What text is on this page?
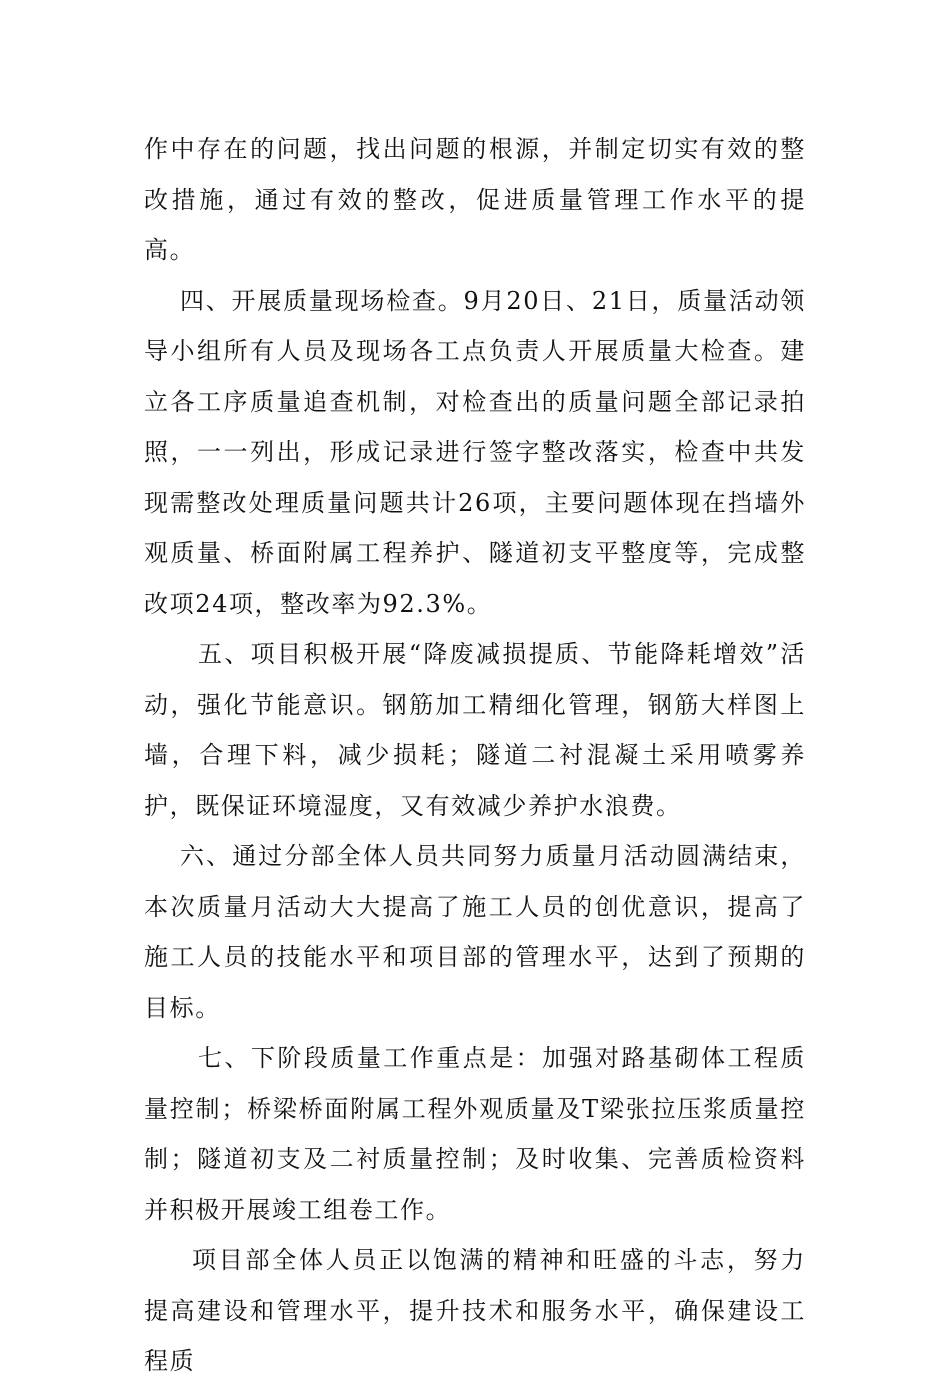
作中存在的问题，找出问题的根源，并制定切实有效的整改措施，通过有效的整改，促进质量管理工作水平的提高。

四、开展质量现场检查。9月20日、21日，质量活动领导小组所有人员及现场各工点负责人开展质量大检查。建立各工序质量追查机制，对检查出的质量问题全部记录拍照，一一列出，形成记录进行签字整改落实，检查中共发现需整改处理质量问题共计26项，主要问题体现在挡墙外观质量、桥面附属工程养护、隧道初支平整度等，完成整改项24项，整改率为92.3%。

五、项目积极开展“降废减损提质、节能降耗增效”活动，强化节能意识。钢筋加工精细化管理，钢筋大样图上墙，合理下料，减少损耗；隧道二衬混凝土采用喷雾养护，既保证环境湿度，又有效减少养护水浪费。

六、通过分部全体人员共同努力质量月活动圆满结束，本次质量月活动大大提高了施工人员的创优意识，提高了施工人员的技能水平和项目部的管理水平，达到了预期的目标。

七、下阶段质量工作重点是：加强对路基砌体工程质量控制；桥梁桥面附属工程外观质量及T梁张拉压浆质量控制；隧道初支及二衬质量控制；及时收集、完善质检资料并积极开展竣工组卷工作。

项目部全体人员正以饱满的精神和旺盛的斗志，努力提高建设和管理水平，提升技术和服务水平，确保建设工程质
